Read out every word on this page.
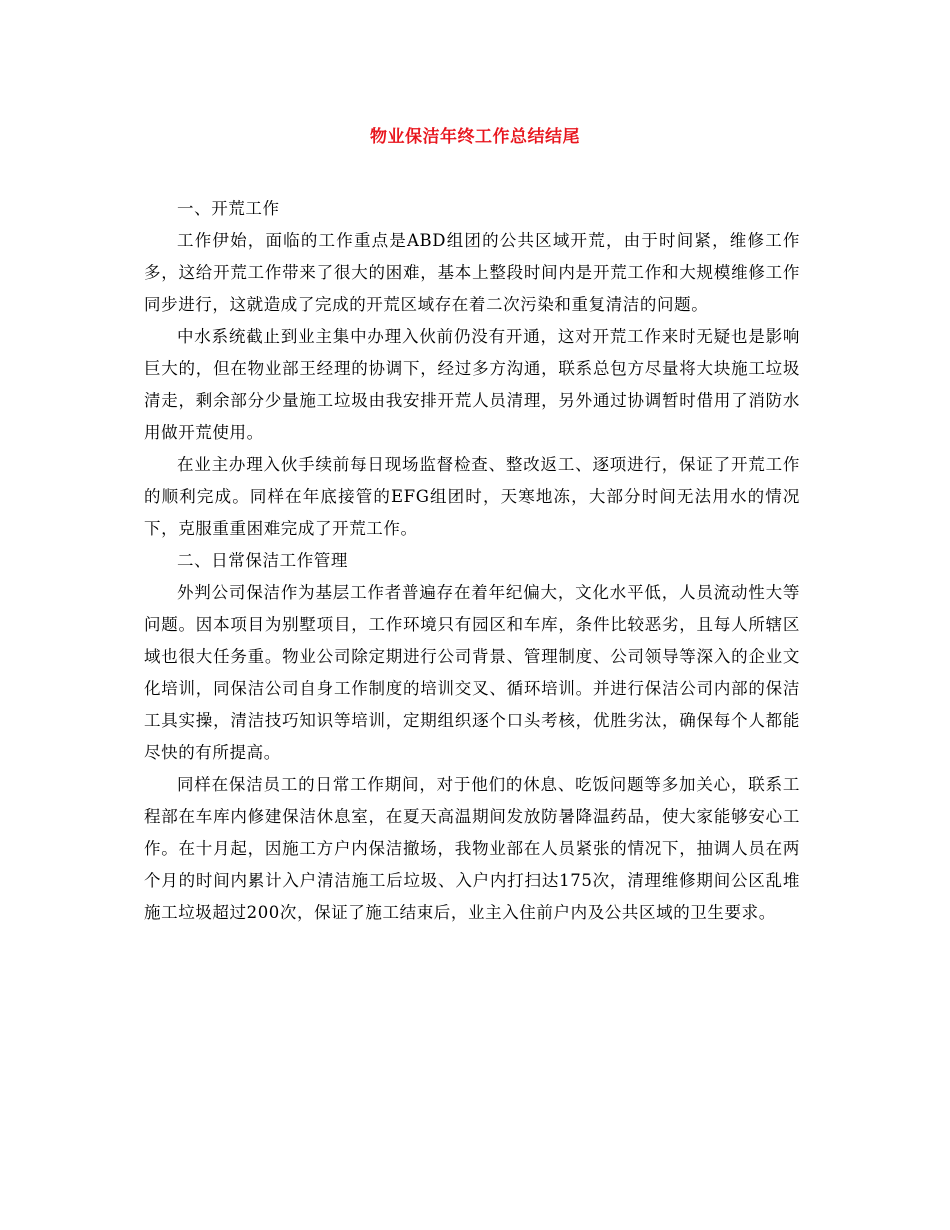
物业保洁年终工作总结结尾

一、开荒工作

工作伊始，面临的工作重点是ABD组团的公共区域开荒，由于时间紧，维修工作多，这给开荒工作带来了很大的困难，基本上整段时间内是开荒工作和大规模维修工作同步进行，这就造成了完成的开荒区域存在着二次污染和重复清洁的问题。

中水系统截止到业主集中办理入伙前仍没有开通，这对开荒工作来时无疑也是影响巨大的，但在物业部王经理的协调下，经过多方沟通，联系总包方尽量将大块施工垃圾清走，剩余部分少量施工垃圾由我安排开荒人员清理，另外通过协调暂时借用了消防水用做开荒使用。

在业主办理入伙手续前每日现场监督检查、整改返工、逐项进行，保证了开荒工作的顺利完成。同样在年底接管的EFG组团时，天寒地冻，大部分时间无法用水的情况下，克服重重困难完成了开荒工作。

二、日常保洁工作管理

外判公司保洁作为基层工作者普遍存在着年纪偏大，文化水平低，人员流动性大等问题。因本项目为别墅项目，工作环境只有园区和车库，条件比较恶劣，且每人所辖区域也很大任务重。物业公司除定期进行公司背景、管理制度、公司领导等深入的企业文化培训，同保洁公司自身工作制度的培训交叉、循环培训。并进行保洁公司内部的保洁工具实操，清洁技巧知识等培训，定期组织逐个口头考核，优胜劣汰，确保每个人都能尽快的有所提高。

同样在保洁员工的日常工作期间，对于他们的休息、吃饭问题等多加关心，联系工程部在车库内修建保洁休息室，在夏天高温期间发放防暑降温药品，使大家能够安心工作。在十月起，因施工方户内保洁撤场，我物业部在人员紧张的情况下，抽调人员在两个月的时间内累计入户清洁施工后垃圾、入户内打扫达175次，清理维修期间公区乱堆施工垃圾超过200次，保证了施工结束后，业主入住前户内及公共区域的卫生要求。
